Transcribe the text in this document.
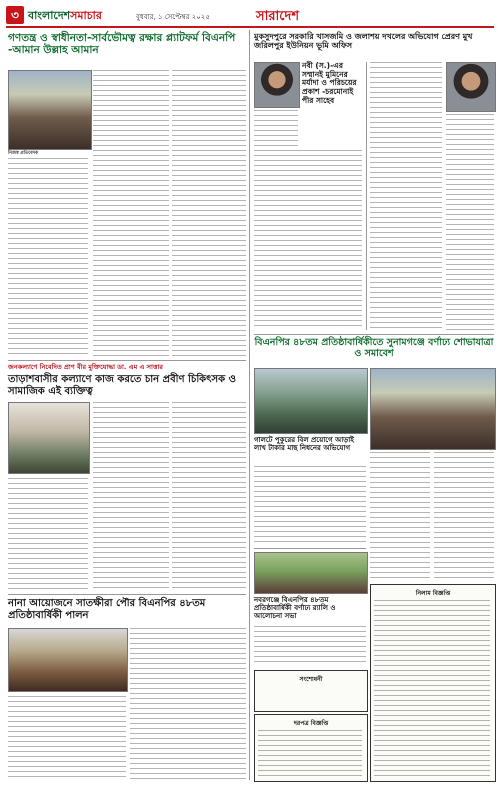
৩ বাংলাদেশসমাচার	বুধবার, ১ সেপ্টেম্বর ২০২৫	সারাদেশ
গণতন্ত্র ও স্বাধীনতা-সার্বভৌমত্ব রক্ষার প্ল্যাটফর্ম বিএনপি -আমান উল্লাহ আমান
নিজস্ব প্রতিবেদক
জনকল্যাণে নিবেদিত প্রাণ বীর মুক্তিযোদ্ধা ডা. এম এ সাত্তার
তাড়াশবাসীর কল্যাণে কাজ করতে চান প্রবীণ চিকিৎসক ও সামাজিক এই ব্যক্তিত্ব
নানা আয়োজনে সাতক্ষীরা পৌর বিএনপির ৪৮তম প্রতিষ্ঠাবার্ষিকী পালন
মুকসুদপুরে সরকারি খাসজমি ও জলাশয় দখলের অভিযোগ প্রেরণ মুখ জরিলপুর ইউনিয়ন ভূমি অফিস
নবী (স.)-এর সম্মানই মুমিনের মর্যাদা ও পরিচয়ের প্রকাশ -চরমোনাই পীর সাহেব
বিএনপির ৪৮তম প্রতিষ্ঠাবার্ষিকীতে সুনামগঞ্জে বর্ণাঢ্য শোভাযাত্রা ও সমাবেশ
গালটে পুকুরের বিল প্রয়োগে আড়াই লাখ টাকার মাছ নিধনের অভিযোগ
নবরগঞ্জে বিএনপির ৪৮তম প্রতিষ্ঠাবার্ষিকী বর্ণাঢ্য র‍্যালি ও আলোচনা সভা
সংশোধনী
নিলাম বিজ্ঞপ্তি
দরপত্র বিজ্ঞপ্তি
